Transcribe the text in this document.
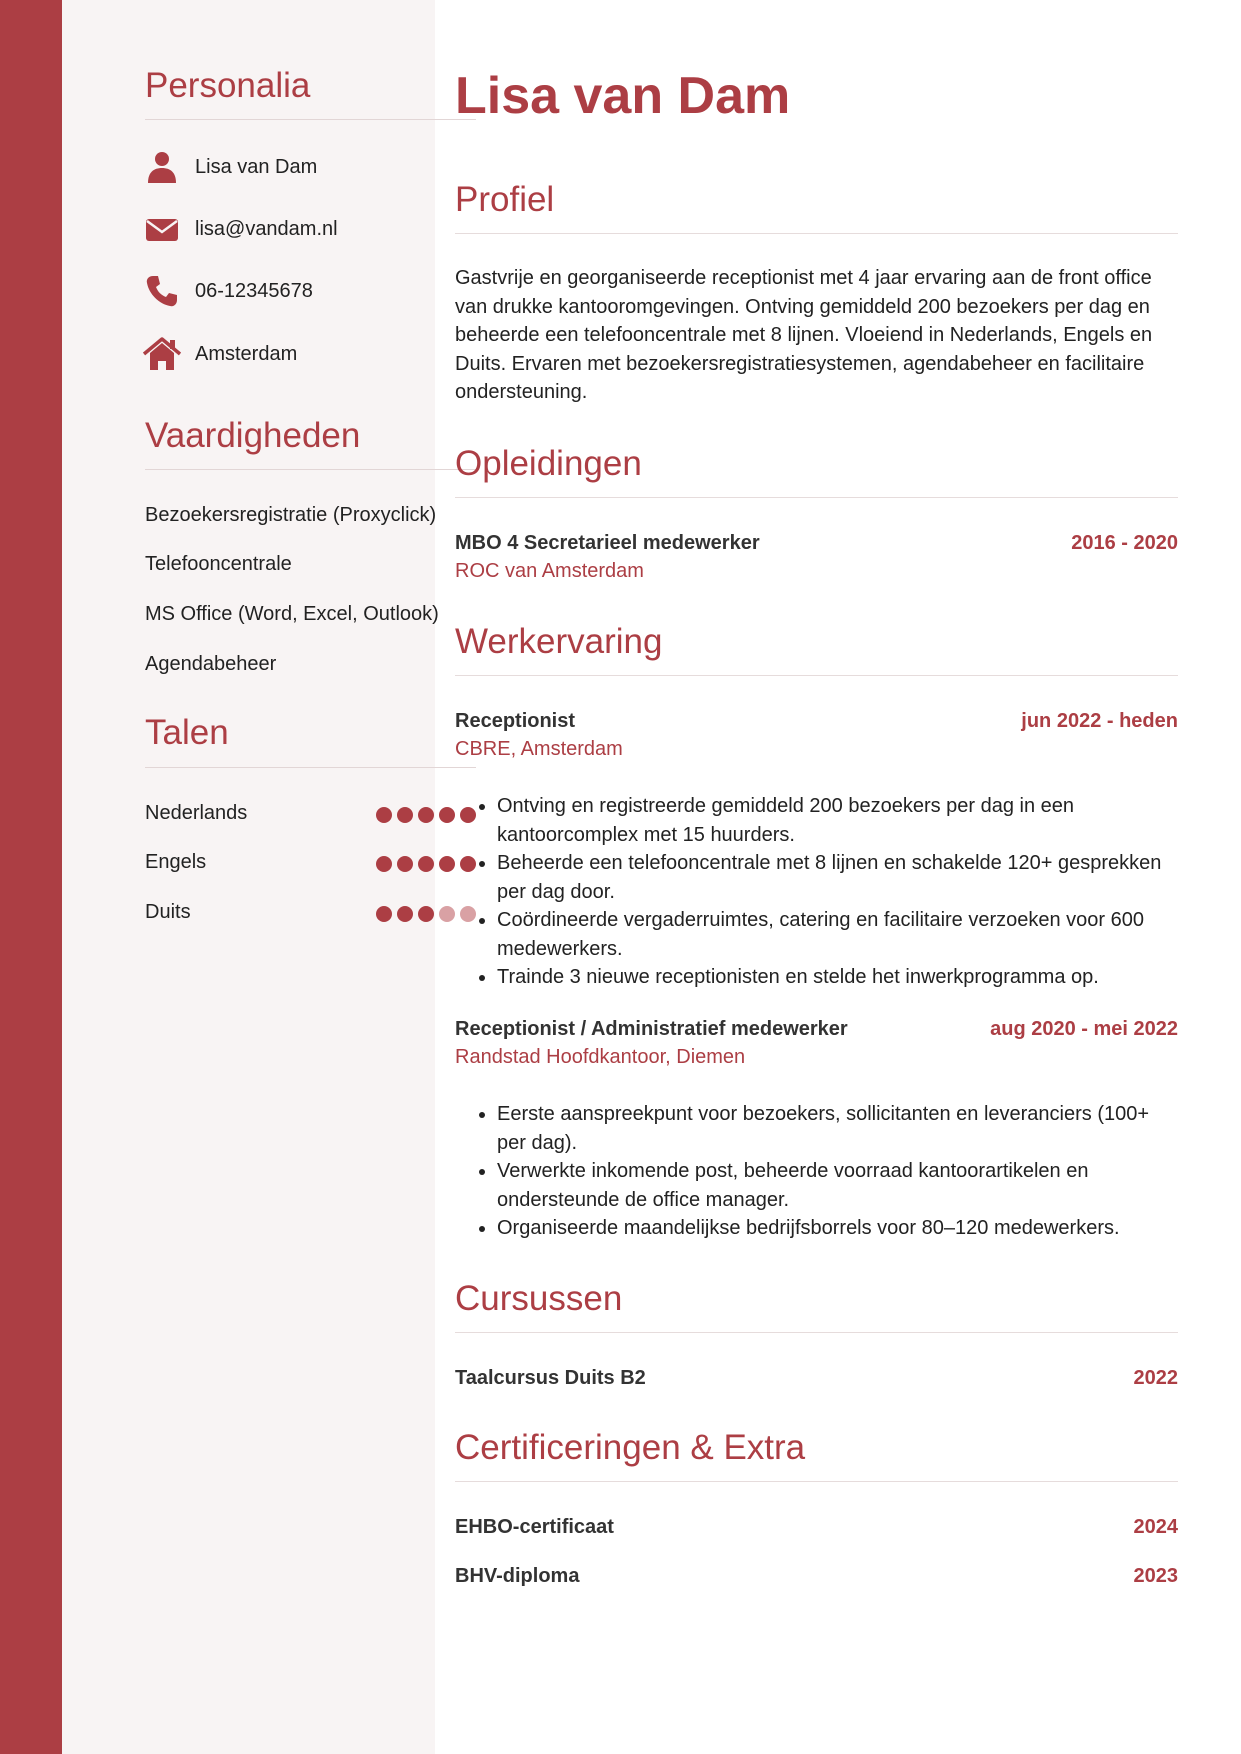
Personalia
Lisa van Dam
lisa@vandam.nl
06-12345678
Amsterdam
Vaardigheden
Bezoekersregistratie (Proxyclick)
Telefooncentrale
MS Office (Word, Excel, Outlook)
Agendabeheer
Talen
Nederlands
Engels
Duits
Lisa van Dam
Profiel
Gastvrije en georganiseerde receptionist met 4 jaar ervaring aan de front office van drukke kantooromgevingen. Ontving gemiddeld 200 bezoekers per dag en beheerde een telefooncentrale met 8 lijnen. Vloeiend in Nederlands, Engels en Duits. Ervaren met bezoekersregistratiesystemen, agendabeheer en facilitaire ondersteuning.
Opleidingen
MBO 4 Secretarieel medewerker	2016 - 2020
ROC van Amsterdam
Werkervaring
Receptionist	jun 2022 - heden
CBRE, Amsterdam
• Ontving en registreerde gemiddeld 200 bezoekers per dag in een kantoorcomplex met 15 huurders.
• Beheerde een telefooncentrale met 8 lijnen en schakelde 120+ gesprekken per dag door.
• Coördineerde vergaderruimtes, catering en facilitaire verzoeken voor 600 medewerkers.
• Trainde 3 nieuwe receptionisten en stelde het inwerkprogramma op.
Receptionist / Administratief medewerker	aug 2020 - mei 2022
Randstad Hoofdkantoor, Diemen
• Eerste aanspreekpunt voor bezoekers, sollicitanten en leveranciers (100+ per dag).
• Verwerkte inkomende post, beheerde voorraad kantoorartikelen en ondersteunde de office manager.
• Organiseerde maandelijkse bedrijfsborrels voor 80–120 medewerkers.
Cursussen
Taalcursus Duits B2	2022
Certificeringen & Extra
EHBO-certificaat	2024
BHV-diploma	2023
